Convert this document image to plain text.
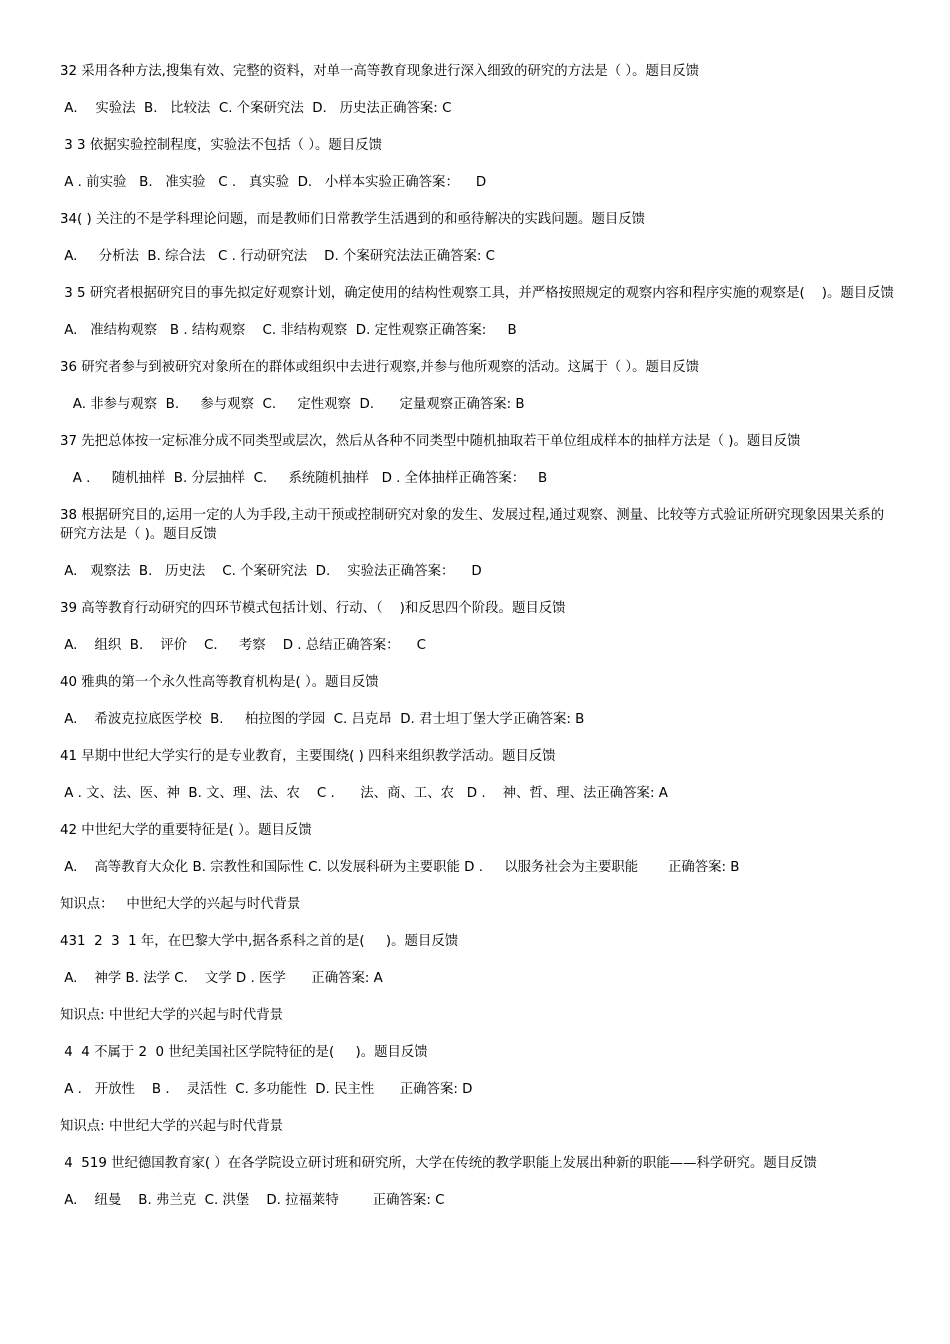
32 采用各种方法,搜集有效、完整的资料，对单一高等教育现象进行深入细致的研究的方法是（ ）。题目反馈

A．  实验法  B.   比较法  C. 个案研究法  D.   历史法正确答案: C

3 3 依据实验控制程度，实验法不包括（ ）。题目反馈

A . 前实验   B.   准实验   C .   真实验  D.   小样本实验正确答案：    D

34( ) 关注的不是学科理论问题，而是教师们日常教学生活遇到的和亟待解决的实践问题。题目反馈

A.     分析法  B. 综合法   C . 行动研究法    D. 个案研究法法正确答案: C

3 5 研究者根据研究目的事先拟定好观察计划，确定使用的结构性观察工具，并严格按照规定的观察内容和程序实施的观察是(    )。题目反馈

A.   准结构观察   B . 结构观察    C. 非结构观察  D. 定性观察正确答案:     B

36 研究者参与到被研究对象所在的群体或组织中去进行观察,并参与他所观察的活动。这属于（ ）。题目反馈

A. 非参与观察  B.     参与观察  C.     定性观察  D.      定量观察正确答案: B

37 先把总体按一定标准分成不同类型或层次，然后从各种不同类型中随机抽取若干单位组成样本的抽样方法是（ )。题目反馈

A .     随机抽样  B. 分层抽样  C.     系统随机抽样   D . 全体抽样正确答案：   B

38 根据研究目的,运用一定的人为手段,主动干预或控制研究对象的发生、发展过程,通过观察、测量、比较等方式验证所研究现象因果关系的研究方法是（ )。题目反馈

A.   观察法  B.   历史法    C. 个案研究法  D.    实验法正确答案：    D

39 高等教育行动研究的四环节模式包括计划、行动、（    )和反思四个阶段。题目反馈

A.    组织  B.    评价    C.     考察    D . 总结正确答案：    C

40 雅典的第一个永久性高等教育机构是( ）。题目反馈

A.    希波克拉底医学校  B.     柏拉图的学园  C. 吕克昂  D. 君士坦丁堡大学正确答案: B

41 早期中世纪大学实行的是专业教育，主要围绕( ) 四科来组织教学活动。题目反馈

A . 文、法、医、神  B. 文、理、法、农    C .      法、商、工、农   D .    神、哲、理、法正确答案: A

42 中世纪大学的重要特征是( ）。题目反馈

A.    高等教育大众化 B. 宗教性和国际性 C. 以发展科研为主要职能 D .     以服务社会为主要职能       正确答案: B

知识点：   中世纪大学的兴起与时代背景

431  2  3  1 年，在巴黎大学中,据各系科之首的是(     )。题目反馈

A.    神学 B. 法学 C.    文学 D . 医学      正确答案: A

知识点: 中世纪大学的兴起与时代背景

4  4 不属于 2  0 世纪美国社区学院特征的是(     )。题目反馈

A .   开放性    B .    灵活性  C. 多功能性  D. 民主性      正确答案: D

知识点: 中世纪大学的兴起与时代背景

4  519 世纪德国教育家( ）在各学院设立研讨班和研究所，大学在传统的教学职能上发展出种新的职能——科学研究。题目反馈

A.    纽曼    B. 弗兰克  C. 洪堡    D. 拉福莱特        正确答案: C
